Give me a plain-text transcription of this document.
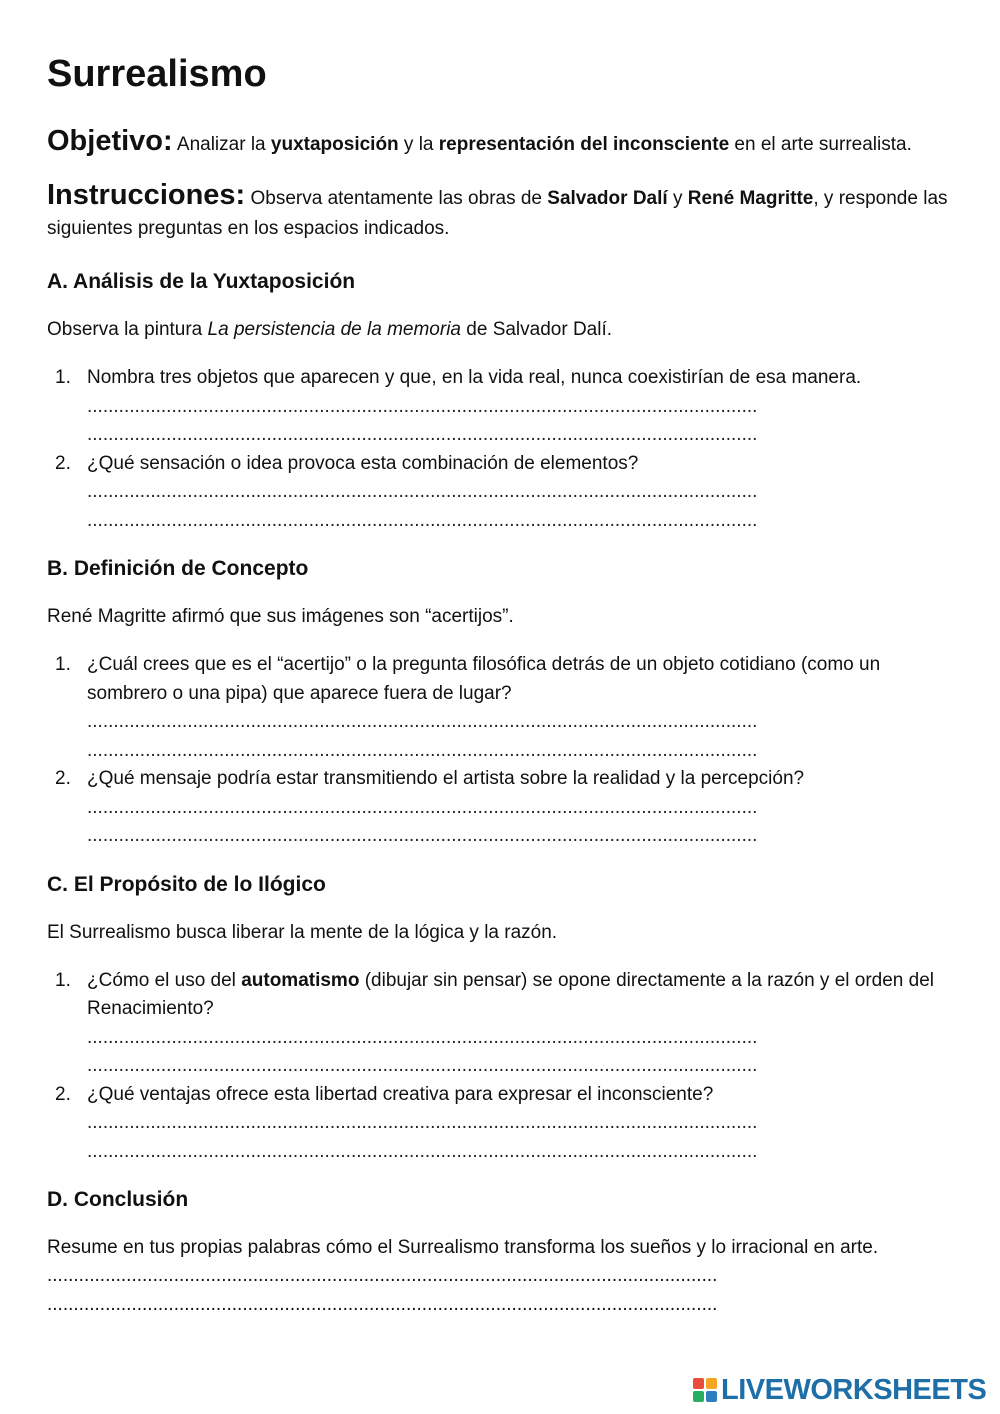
Surrealismo

Objetivo: Analizar la yuxtaposición y la representación del inconsciente en el arte surrealista.

Instrucciones: Observa atentamente las obras de Salvador Dalí y René Magritte, y responde las siguientes preguntas en los espacios indicados.

A. Análisis de la Yuxtaposición

Observa la pintura La persistencia de la memoria de Salvador Dalí.

1. Nombra tres objetos que aparecen y que, en la vida real, nunca coexistirían de esa manera.
...............................................................................................................................
...............................................................................................................................
2. ¿Qué sensación o idea provoca esta combinación de elementos?
...............................................................................................................................
...............................................................................................................................
B. Definición de Concepto

René Magritte afirmó que sus imágenes son “acertijos”.

1. ¿Cuál crees que es el “acertijo” o la pregunta filosófica detrás de un objeto cotidiano (como un sombrero o una pipa) que aparece fuera de lugar?
...............................................................................................................................
...............................................................................................................................
2. ¿Qué mensaje podría estar transmitiendo el artista sobre la realidad y la percepción?
...............................................................................................................................
...............................................................................................................................
C. El Propósito de lo Ilógico

El Surrealismo busca liberar la mente de la lógica y la razón.

1. ¿Cómo el uso del automatismo (dibujar sin pensar) se opone directamente a la razón y el orden del Renacimiento?
...............................................................................................................................
...............................................................................................................................
2. ¿Qué ventajas ofrece esta libertad creativa para expresar el inconsciente?
...............................................................................................................................
...............................................................................................................................
D. Conclusión

Resume en tus propias palabras cómo el Surrealismo transforma los sueños y lo irracional en arte.

...............................................................................................................................
...............................................................................................................................
LIVEWORKSHEETS
